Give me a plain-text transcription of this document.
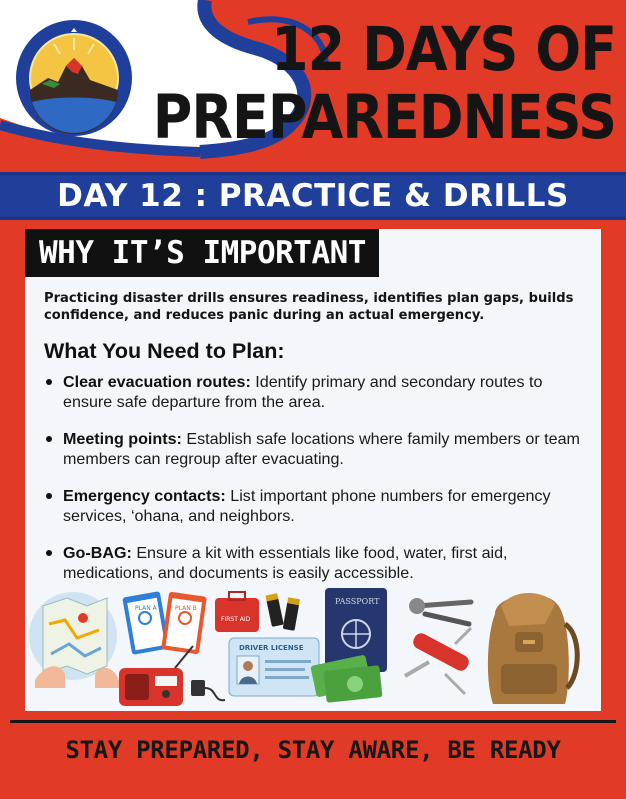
12 DAYS OF
PREPAREDNESS
DAY 12 : PRACTICE & DRILLS
WHY IT’S IMPORTANT

Practicing disaster drills ensures readiness, identifies plan gaps, builds confidence, and reduces panic during an actual emergency.

What You Need to Plan:
Clear evacuation routes: Identify primary and secondary routes to ensure safe departure from the area.
Meeting points: Establish safe locations where family members or team members can regroup after evacuating.
Emergency contacts: List important phone numbers for emergency services, ‘ohana, and neighbors.
Go-BAG: Ensure a kit with essentials like food, water, first aid, medications, and documents is easily accessible.
PLAN A	PLAN B
FIRST AID
DRIVER LICENSE
PASSPORT
STAY PREPARED, STAY AWARE, BE READY
